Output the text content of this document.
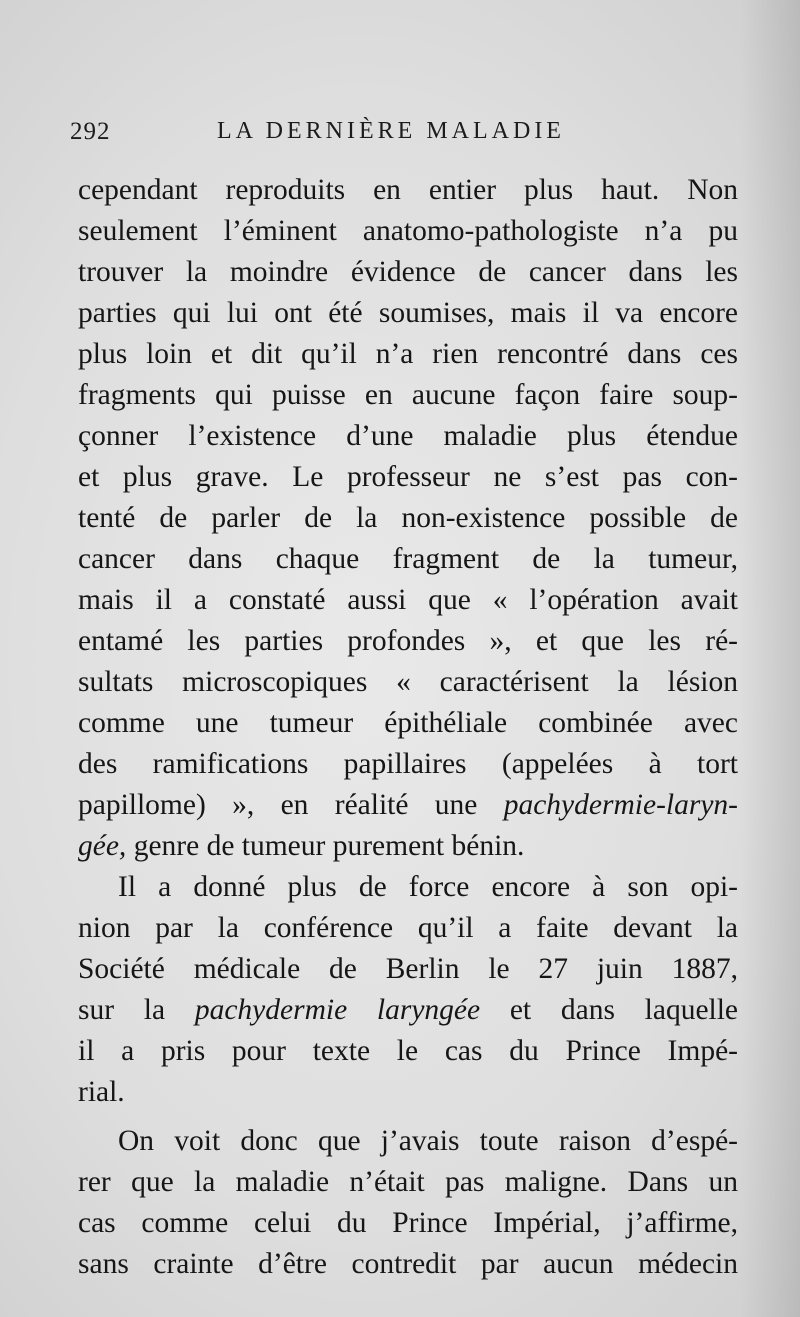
292	LA DERNIÈRE MALADIE
cependant reproduits en entier plus haut. Non
seulement l’éminent anatomo-pathologiste n’a pu
trouver la moindre évidence de cancer dans les
parties qui lui ont été soumises, mais il va encore
plus loin et dit qu’il n’a rien rencontré dans ces
fragments qui puisse en aucune façon faire soup-
çonner l’existence d’une maladie plus étendue
et plus grave. Le professeur ne s’est pas con-
tenté de parler de la non-existence possible de
cancer dans chaque fragment de la tumeur,
mais il a constaté aussi que « l’opération avait
entamé les parties profondes », et que les ré-
sultats microscopiques « caractérisent la lésion
comme une tumeur épithéliale combinée avec
des ramifications papillaires (appelées à tort
papillome) », en réalité une pachydermie-laryn-
gée, genre de tumeur purement bénin.
Il a donné plus de force encore à son opi-
nion par la conférence qu’il a faite devant la
Société médicale de Berlin le 27 juin 1887,
sur la pachydermie laryngée et dans laquelle
il a pris pour texte le cas du Prince Impé-
rial.
On voit donc que j’avais toute raison d’espé-
rer que la maladie n’était pas maligne. Dans un
cas comme celui du Prince Impérial, j’affirme,
sans crainte d’être contredit par aucun médecin
